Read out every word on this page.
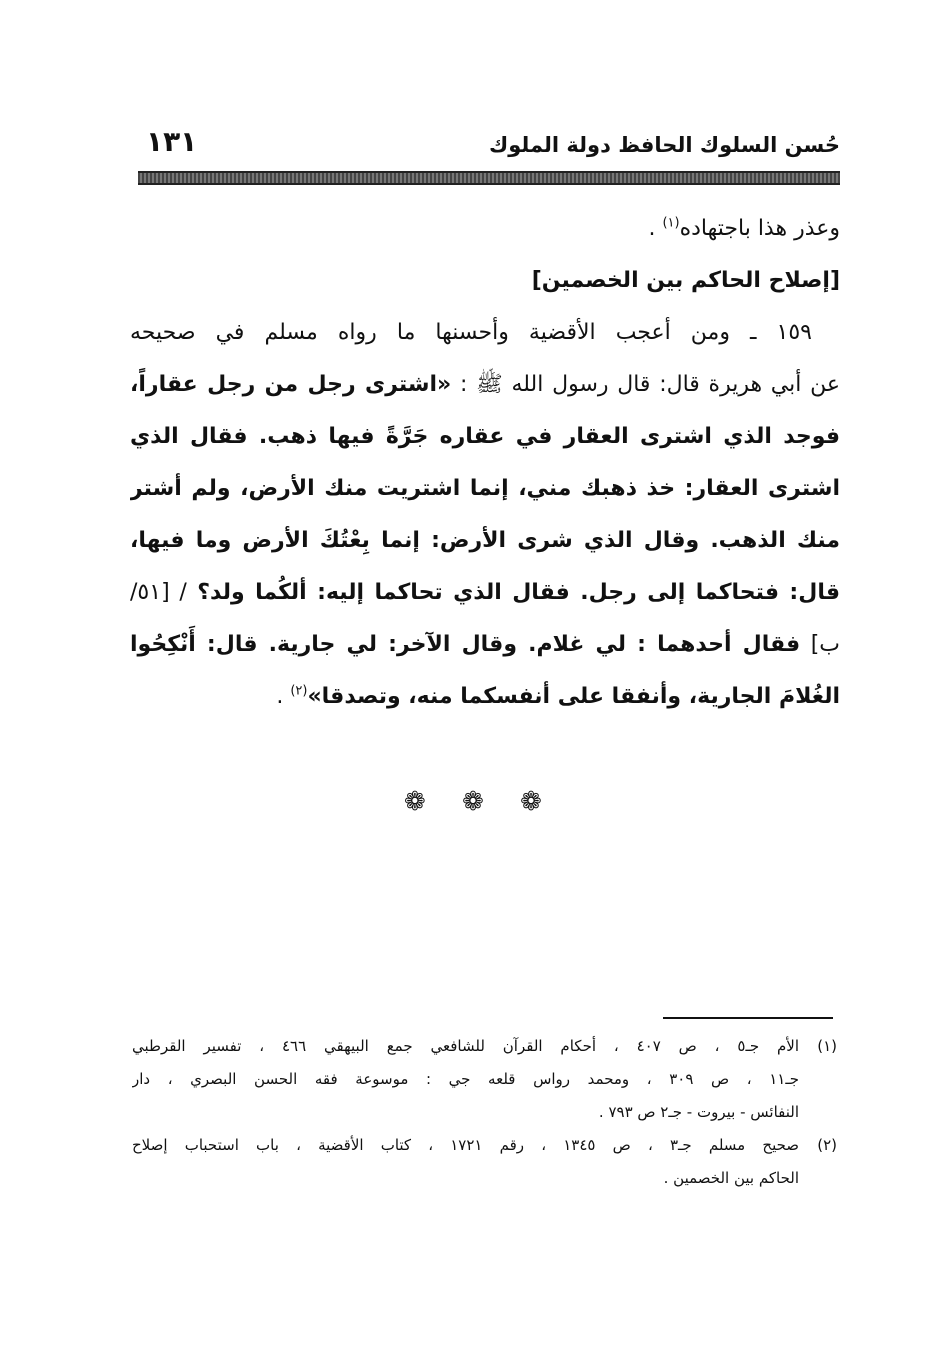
حُسن السلوك الحافظ دولة الملوك
١٣١
وعذر هذا باجتهاده$^{(١)}$ .
[إصلاح الحاكم بين الخصمين]
١٥٩ ـ ومن أعجب الأقضية وأحسنها ما رواه مسلم في صحيحه
عن أبي هريرة قال: قال رسول الله ﷺ : «اشترى رجل من رجل عقاراً،
فوجد الذي اشترى العقار في عقاره جَرَّةً فيها ذهب. فقال الذي
اشترى العقار: خذ ذهبك مني، إنما اشتريت منك الأرض، ولم أشتر
منك الذهب. وقال الذي شرى الأرض: إنما بِعْتُكَ الأرض وما فيها،
قال: فتحاكما إلى رجل. فقال الذي تحاكما إليه: ألكُما ولد؟ / [٥١/
ب] فقال أحدهما : لي غلام. وقال الآخر: لي جارية. قال: أَنْكِحُوا
الغُلامَ الجارية، وأنفقا على أنفسكما منه، وتصدقا»$^{(٢)}$ .
❁ ❁ ❁
(١)الأم جـ٥ ، ص ٤٠٧ ، أحكام القرآن للشافعي جمع البيهقي ٤٦٦ ، تفسير القرطبي
جـ١١ ، ص ٣٠٩ ، ومحمد رواس قلعه جي : موسوعة فقه الحسن البصري ، دار
النفائس - بيروت - جـ٢ ص ٧٩٣ .
(٢)صحيح مسلم جـ٣ ، ص ١٣٤٥ ، رقم ١٧٢١ ، كتاب الأقضية ، باب استحباب إصلاح
الحاكم بين الخصمين .
